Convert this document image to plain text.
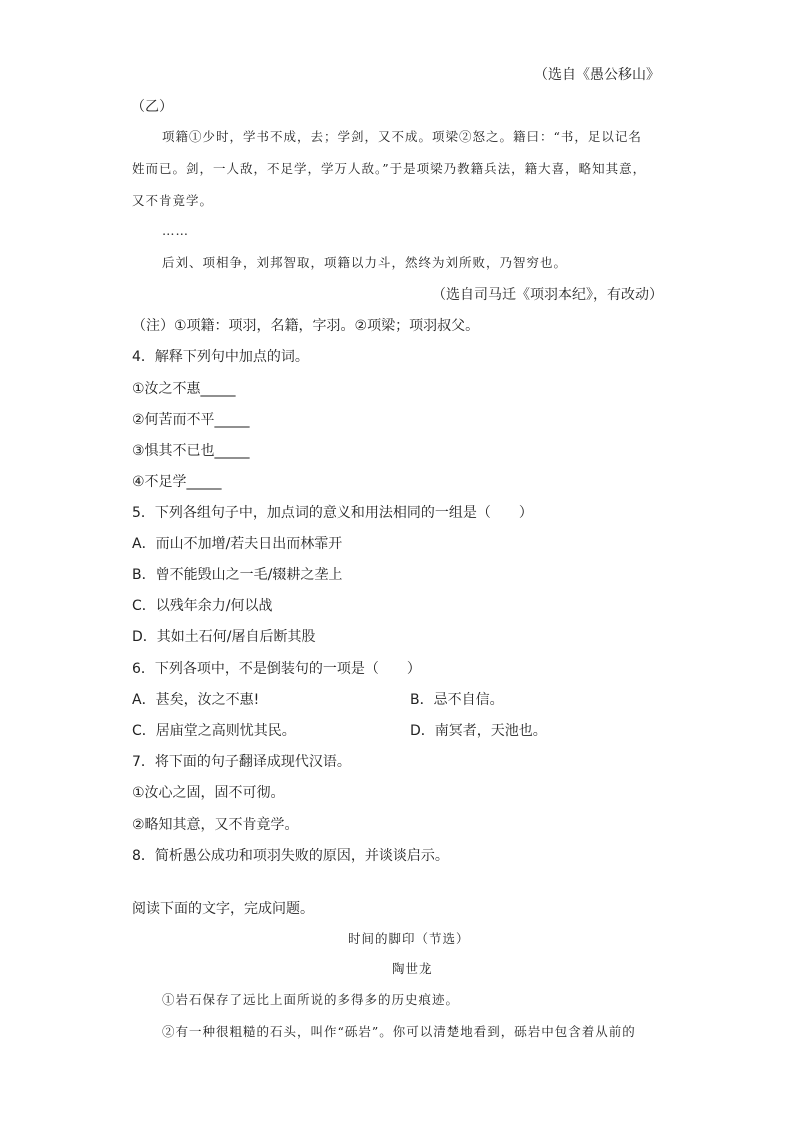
（选自《愚公移山》
（乙）
项籍①少时，学书不成，去；学剑，又不成。项梁②怒之。籍曰：“书，足以记名
姓而已。剑，一人敌，不足学，学万人敌。”于是项梁乃教籍兵法，籍大喜，略知其意，
又不肯竟学。
……
后刘、项相争，刘邦智取，项籍以力斗，然终为刘所败，乃智穷也。
（选自司马迁《项羽本纪》，有改动）
（注）①项籍：项羽，名籍，字羽。②项梁；项羽叔父。
4．解释下列句中加点的词。
①汝之不惠_____
②何苦而不平_____
③惧其不已也_____
④不足学_____
5．下列各组句子中，加点词的意义和用法相同的一组是（　　）
A．而山不加增/若夫日出而林霏开
B．曾不能毁山之一毛/辍耕之垄上
C．以残年余力/何以战
D．其如土石何/屠自后断其股
6．下列各项中，不是倒装句的一项是（　　）
A．甚矣，汝之不惠!	B．忌不自信。
C．居庙堂之高则忧其民。	D．南冥者，天池也。
7．将下面的句子翻译成现代汉语。
①汝心之固，固不可彻。
②略知其意，又不肯竟学。
8．简析愚公成功和项羽失败的原因，并谈谈启示。
阅读下面的文字，完成问题。
时间的脚印（节选）
陶世龙
①岩石保存了远比上面所说的多得多的历史痕迹。
②有一种很粗糙的石头，叫作“砾岩”。你可以清楚地看到，砾岩中包含着从前的
